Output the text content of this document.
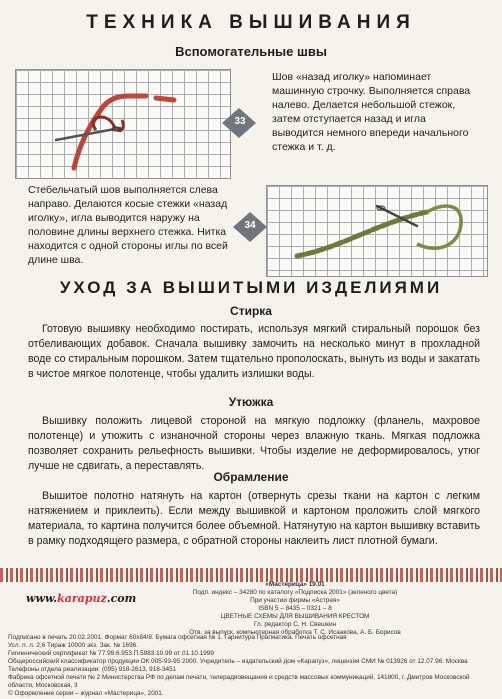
ТЕХНИКА ВЫШИВАНИЯ
Вспомогательные швы
33
Шов «назад иголку» напоминает машинную строчку. Выполняется справа налево. Делается небольшой стежок, затем отступается назад и игла выводится немного впереди начального стежка и т. д.
Стебельчатый шов выполняется слева направо. Делаются косые стежки «назад иголку», игла выводится наружу на половине длины верхнего стежка. Нитка находится с одной стороны иглы по всей длине шва.
34
УХОД ЗА ВЫШИТЫМИ ИЗДЕЛИЯМИ
Стирка
Готовую вышивку необходимо постирать, используя мягкий стиральный порошок без отбеливающих добавок. Сначала вышивку замочить на несколько минут в прохладной воде со стиральным порошком. Затем тщательно прополоскать, вынуть из воды и закатать в чистое мягкое полотенце, чтобы удалить излишки воды.
Утюжка
Вышивку положить лицевой стороной на мягкую подложку (фланель, махровое полотенце) и утюжить с изнаночной стороны через влажную ткань. Мягкая подложка позволяет сохранить рельефность вышивки. Чтобы изделие не деформировалось, утюг лучше не сдвигать, а переставлять.
Обрамление
Вышитое полотно натянуть на картон (отвернуть срезы ткани на картон с легким натяжением и приклеить). Если между вышивкой и картоном проложить слой мягкого материала, то картина получится более объемной. Натянутую на картон вышивку вставить в рамку подходящего размера, с обратной стороны наклеить лист плотной бумаги.
www.karapuz.com
«Мастерица» 19.01
Подп. индекс – 34280 по каталогу «Подписка 2001» (зеленого цвета)
При участии фирмы «Астрея»
ISBN 5 – 8435 – 0321 – 8
ЦВЕТНЫЕ СХЕМЫ ДЛЯ ВЫШИВАНИЯ КРЕСТОМ
Гл. редактор С. Н. Свешкин
Отв. за выпуск, компьютерная обработка Т. С. Исаакова, А. Б. Борисов
Подписано в печать 20.02.2001. Формат 60х84/8. Бумага офсетная № 1. Гарнитура Прагматика. Печать офсетная
Усл. п. л. 2,6 Тираж 10000 экз. Зак. № 1696.
Гигиенический сертификат № 77.99.6.953.П.5983.10.99 от 01.10.1999
Общероссийский классификатор продукции ОК 005-93-95 2000. Учредитель – издательский дом «Карапуз», лицензия СМИ № 013926 от 12.07.96. Москва
Телефоны отдела реализации: (095) 918-2613, 918-3451
Фабрика офсетной печати № 2 Министерства РФ по делам печати, телерадиовещания и средств массовых коммуникаций, 141800, г. Дмитров Московской
области, Московская, 3
© Оформление серии – журнал «Мастерица», 2001.
